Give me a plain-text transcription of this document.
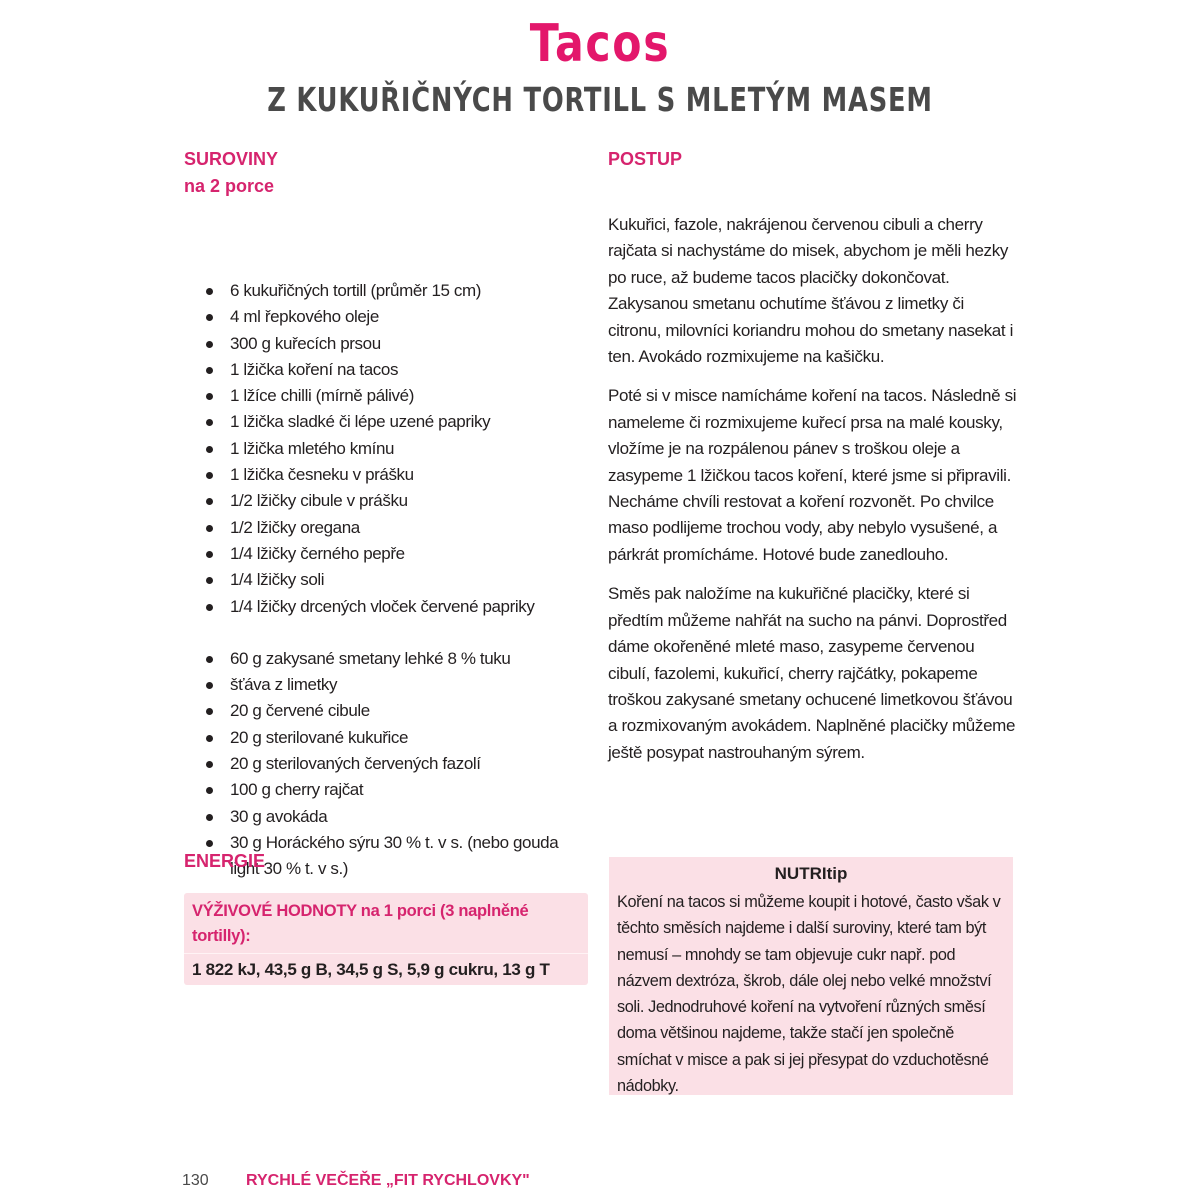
Tacos
Z KUKUŘIČNÝCH TORTILL S MLETÝM MASEM
SUROVINY
na 2 porce
6 kukuřičných tortill (průměr 15 cm)
4 ml řepkového oleje
300 g kuřecích prsou
1 lžička koření na tacos
1 lžíce chilli (mírně pálivé)
1 lžička sladké či lépe uzené papriky
1 lžička mletého kmínu
1 lžička česneku v prášku
1/2 lžičky cibule v prášku
1/2 lžičky oregana
1/4 lžičky černého pepře
1/4 lžičky soli
1/4 lžičky drcených vloček červené papriky
60 g zakysané smetany lehké 8 % tuku
šťáva z limetky
20 g červené cibule
20 g sterilované kukuřice
20 g sterilovaných červených fazolí
100 g cherry rajčat
30 g avokáda
30 g Horáckého sýru 30 % t. v s. (nebo gouda light 30 % t. v s.)
ENERGIE
VÝŽIVOVÉ HODNOTY na 1 porci (3 naplněné tortilly):
1 822 kJ, 43,5 g B, 34,5 g S, 5,9 g cukru, 13 g T
POSTUP

Kukuřici, fazole, nakrájenou červenou cibuli a cherry rajčata si nachystáme do misek, abychom je měli hezky po ruce, až budeme tacos placičky dokončovat. Zakysanou smetanu ochutíme šťávou z limetky či citronu, milovníci koriandru mohou do smetany nasekat i ten. Avokádo rozmixujeme na kašičku.

Poté si v misce namícháme koření na tacos. Následně si nameleme či rozmixujeme kuřecí prsa na malé kousky, vložíme je na rozpálenou pánev s troškou oleje a zasypeme 1 lžičkou tacos koření, které jsme si připravili. Necháme chvíli restovat a koření rozvonět. Po chvilce maso podlijeme trochou vody, aby nebylo vysušené, a párkrát promícháme. Hotové bude zanedlouho.

Směs pak naložíme na kukuřičné placičky, které si předtím můžeme nahřát na sucho na pánvi. Doprostřed dáme okořeněné mleté maso, zasypeme červenou cibulí, fazolemi, kukuřicí, cherry rajčátky, pokapeme troškou zakysané smetany ochucené limetkovou šťávou a rozmixovaným avokádem. Naplněné placičky můžeme ještě posypat nastrouhaným sýrem.

NUTRItip
Koření na tacos si můžeme koupit i hotové, často však v těchto směsích najdeme i další suroviny, které tam být nemusí – mnohdy se tam objevuje cukr např. pod názvem dextróza, škrob, dále olej nebo velké množství soli. Jednodruhové koření na vytvoření různých směsí doma většinou najdeme, takže stačí jen společně smíchat v misce a pak si jej přesypat do vzduchotěsné nádobky.
130 RYCHLÉ VEČEŘE „FIT RYCHLOVKY"
